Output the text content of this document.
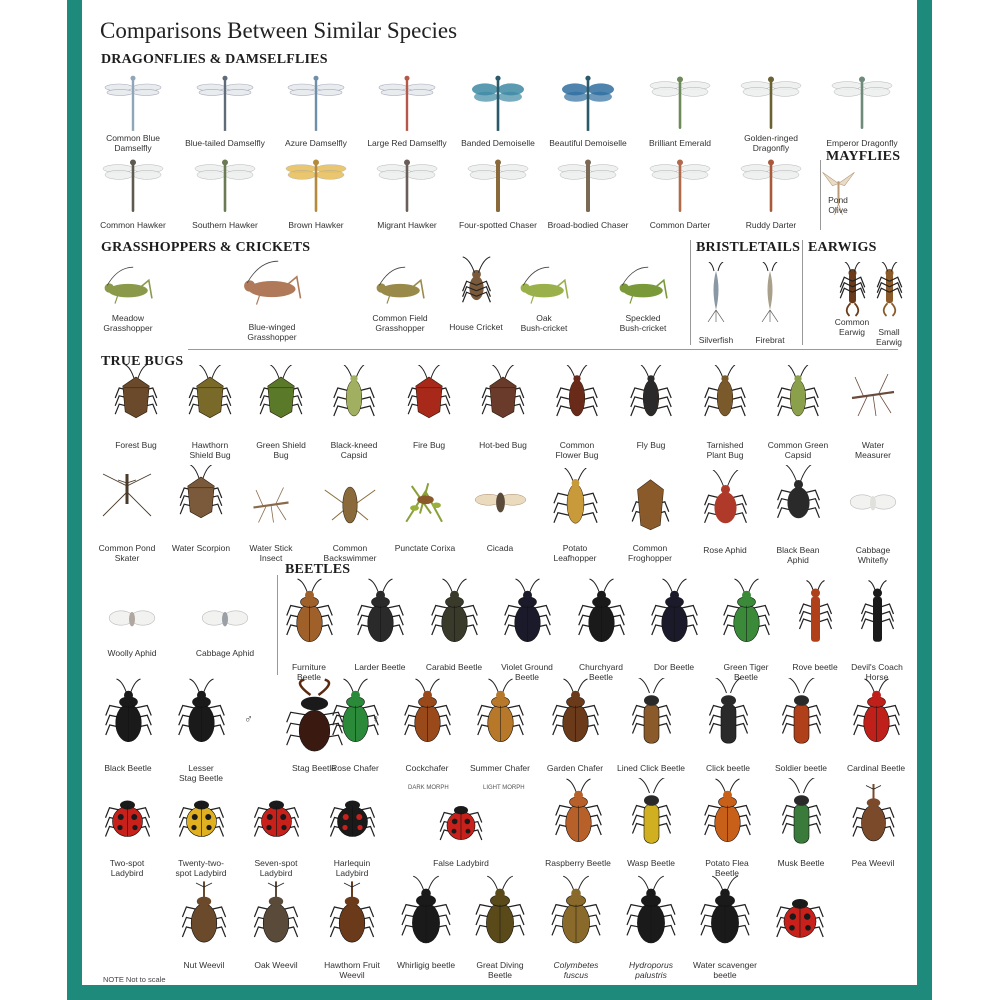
Comparisons Between Similar Species
DRAGONFLIES & DAMSELFLIES
MAYFLIES
GRASSHOPPERS & CRICKETS	BRISTLETAILS EARWIGS
TRUE BUGS
BEETLES
DARK MORPH	LIGHT MORPH
♂	♀
NOTE Not to scale
Common Blue
Damselfly	Blue-tailed Damselfly	Azure Damselfly	Large Red Damselfly	Banded Demoiselle	Beautiful Demoiselle	Brilliant Emerald	Golden-ringed
Dragonfly	Emperor Dragonfly
Common Hawker	Southern Hawker	Brown Hawker	Migrant Hawker	Four-spotted Chaser	Broad-bodied Chaser	Common Darter	Ruddy Darter
Pond
Olive
Meadow
Grasshopper	Blue-winged Grasshopper
Common Field
Grasshopper	House Cricket
Oak
Bush-cricket
Speckled
Bush-cricket
Silverfish	Firebrat
Common
Earwig	Small
Earwig
Forest Bug	Hawthorn
Shield Bug
Green Shield
Bug
Black-kneed
Capsid
Fire Bug	Hot-bed Bug	Common
Flower Bug
Fly Bug	Tarnished
Plant Bug
Common Green
Capsid
Water
Measurer
Common Pond
Skater
Water Scorpion	Water Stick
Insect
Common
Backswimmer
Punctate Corixa	Cicada	Potato
Leafhopper
Common
Froghopper
Rose Aphid	Black Bean
Aphid
Cabbage
Whitefly
Woolly Aphid	Cabbage Aphid
Furniture
Beetle
Larder Beetle	Carabid Beetle	Violet Ground
Beetle
Churchyard
Beetle
Dor Beetle	Green Tiger
Beetle
Rove beetle	Devil's Coach
Horse
Black Beetle	Lesser
Stag Beetle
Stag Beetle
Rose Chafer	Cockchafer	Summer Chafer	Garden Chafer	Lined Click Beetle	Click beetle	Soldier beetle	Cardinal Beetle
Two-spot
Ladybird
Twenty-two-
spot Ladybird
Seven-spot
Ladybird
Harlequin
Ladybird
False Ladybird	Raspberry Beetle	Wasp Beetle	Potato Flea
Beetle
Musk Beetle	Pea Weevil
Nut Weevil	Oak Weevil	Hawthorn Fruit
Weevil
Whirligig beetle	Great Diving
Beetle
Colymbetes
fuscus
Hydroporus
palustris
Water scavenger
beetle
